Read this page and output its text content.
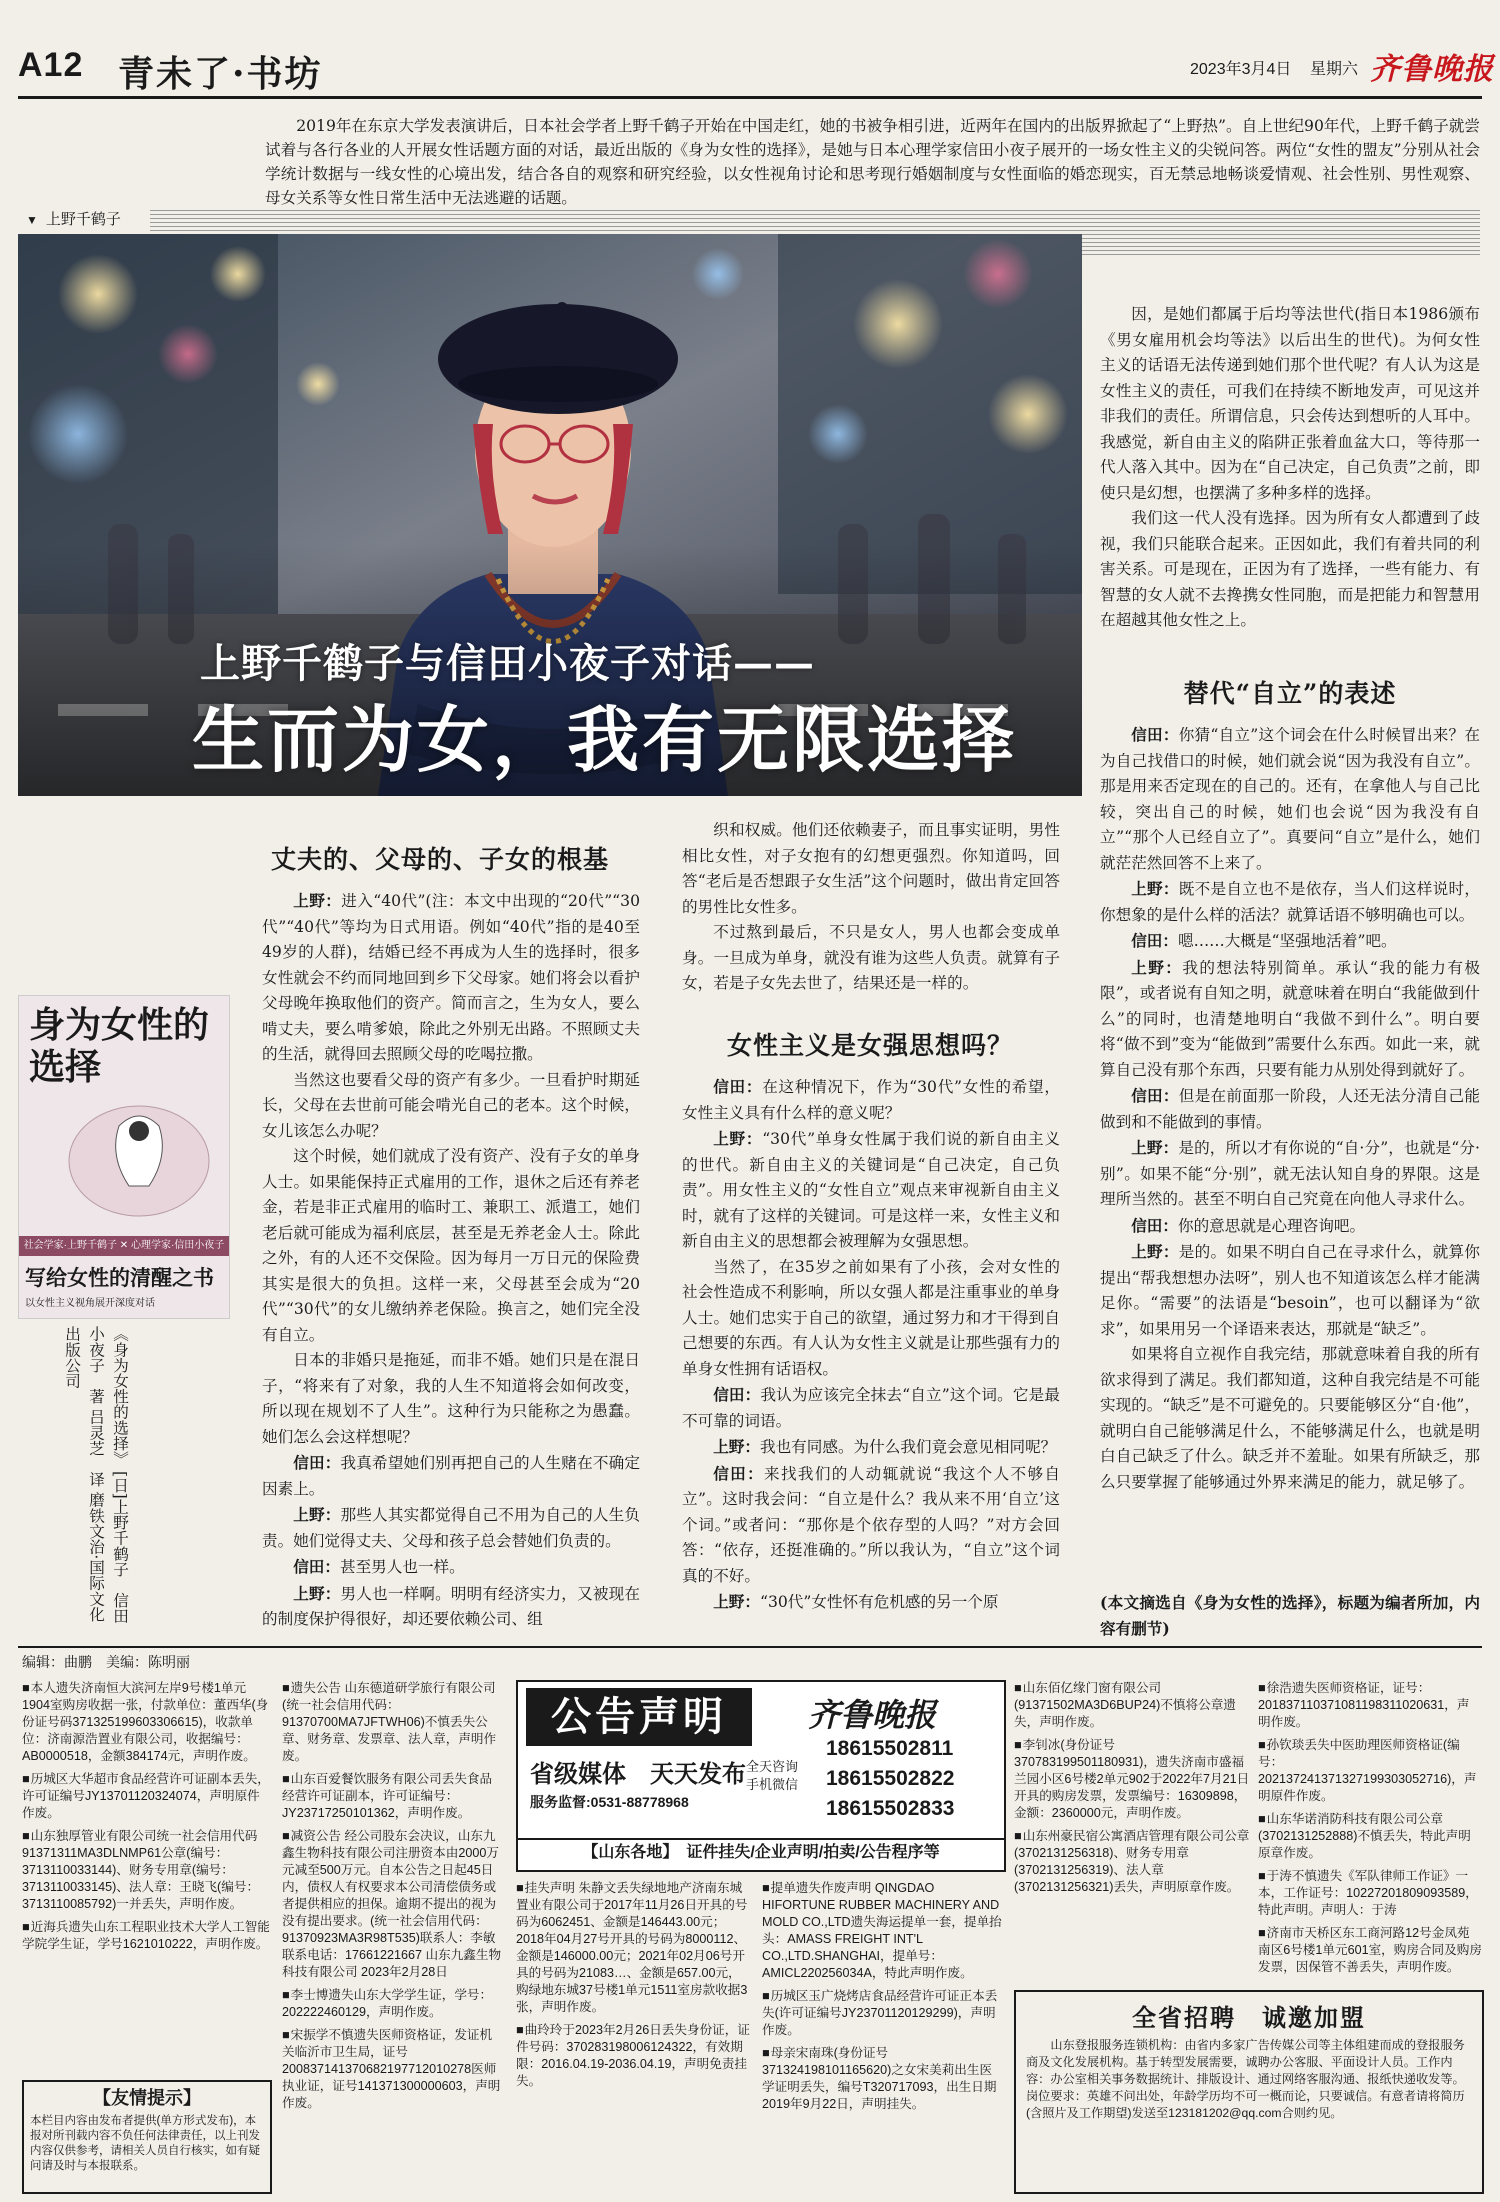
A12 青未了·书坊	2023年3月4日 星期六 齐鲁晚报
2019年在东京大学发表演讲后，日本社会学者上野千鹤子开始在中国走红，她的书被争相引进，近两年在国内的出版界掀起了“上野热”。自上世纪90年代，上野千鹤子就尝试着与各行各业的人开展女性话题方面的对话，最近出版的《身为女性的选择》，是她与日本心理学家信田小夜子展开的一场女性主义的尖锐问答。两位“女性的盟友”分别从社会学统计数据与一线女性的心境出发，结合各自的观察和研究经验，以女性视角讨论和思考现行婚姻制度与女性面临的婚恋现实，百无禁忌地畅谈爱情观、社会性别、男性观察、母女关系等女性日常生活中无法逃避的话题。
▼ 上野千鹤子
上野千鹤子与信田小夜子对话——
生而为女，我有无限选择
身为女性的
选择
社会学家·上野千鹤子 ✕ 心理学家·信田小夜子
写给女性的清醒之书
以女性主义视角展开深度对话
《身为女性的选择》 [日]上野千鹤子　信田小夜子　著 吕灵芝　译 磨铁文治·国际文化出版公司
丈夫的、父母的、子女的根基

上野：进入“40代”(注：本文中出现的“20代”“30代”“40代”等均为日式用语。例如“40代”指的是40至49岁的人群)，结婚已经不再成为人生的选择时，很多女性就会不约而同地回到乡下父母家。她们将会以看护父母晚年换取他们的资产。简而言之，生为女人，要么啃丈夫，要么啃爹娘，除此之外别无出路。不照顾丈夫的生活，就得回去照顾父母的吃喝拉撒。

当然这也要看父母的资产有多少。一旦看护时期延长，父母在去世前可能会啃光自己的老本。这个时候，女儿该怎么办呢？

这个时候，她们就成了没有资产、没有子女的单身人士。如果能保持正式雇用的工作，退休之后还有养老金，若是非正式雇用的临时工、兼职工、派遣工，她们老后就可能成为福利底层，甚至是无养老金人士。除此之外，有的人还不交保险。因为每月一万日元的保险费其实是很大的负担。这样一来，父母甚至会成为“20代”“30代”的女儿缴纳养老保险。换言之，她们完全没有自立。

日本的非婚只是拖延，而非不婚。她们只是在混日子，“将来有了对象，我的人生不知道将会如何改变，所以现在规划不了人生”。这种行为只能称之为愚蠢。她们怎么会这样想呢？

信田：我真希望她们别再把自己的人生赌在不确定因素上。

上野：那些人其实都觉得自己不用为自己的人生负责。她们觉得丈夫、父母和孩子总会替她们负责的。

信田：甚至男人也一样。

上野：男人也一样啊。明明有经济实力，又被现在的制度保护得很好，却还要依赖公司、组

织和权威。他们还依赖妻子，而且事实证明，男性相比女性，对子女抱有的幻想更强烈。你知道吗，回答“老后是否想跟子女生活”这个问题时，做出肯定回答的男性比女性多。

不过熬到最后，不只是女人，男人也都会变成单身。一旦成为单身，就没有谁为这些人负责。就算有子女，若是子女先去世了，结果还是一样的。

女性主义是女强思想吗？

信田：在这种情况下，作为“30代”女性的希望，女性主义具有什么样的意义呢？

上野：“30代”单身女性属于我们说的新自由主义的世代。新自由主义的关键词是“自己决定，自己负责”。用女性主义的“女性自立”观点来审视新自由主义时，就有了这样的关键词。可是这样一来，女性主义和新自由主义的思想都会被理解为女强思想。

当然了，在35岁之前如果有了小孩，会对女性的社会性造成不利影响，所以女强人都是注重事业的单身人士。她们忠实于自己的欲望，通过努力和才干得到自己想要的东西。有人认为女性主义就是让那些强有力的单身女性拥有话语权。

信田：我认为应该完全抹去“自立”这个词。它是最不可靠的词语。

上野：我也有同感。为什么我们竟会意见相同呢？

信田：来找我们的人动辄就说“我这个人不够自立”。这时我会问：“自立是什么？我从来不用‘自立’这个词。”或者问：“那你是个依存型的人吗？”对方会回答：“依存，还挺准确的。”所以我认为，“自立”这个词真的不好。

上野：“30代”女性怀有危机感的另一个原

因，是她们都属于后均等法世代(指日本1986颁布《男女雇用机会均等法》以后出生的世代)。为何女性主义的话语无法传递到她们那个世代呢？有人认为这是女性主义的责任，可我们在持续不断地发声，可见这并非我们的责任。所谓信息，只会传达到想听的人耳中。我感觉，新自由主义的陷阱正张着血盆大口，等待那一代人落入其中。因为在“自己决定，自己负责”之前，即使只是幻想，也摆满了多种多样的选择。

我们这一代人没有选择。因为所有女人都遭到了歧视，我们只能联合起来。正因如此，我们有着共同的利害关系。可是现在，正因为有了选择，一些有能力、有智慧的女人就不去搀携女性同胞，而是把能力和智慧用在超越其他女性之上。

替代“自立”的表述

信田：你猜“自立”这个词会在什么时候冒出来？在为自己找借口的时候，她们就会说“因为我没有自立”。那是用来否定现在的自己的。还有，在拿他人与自己比较，突出自己的时候，她们也会说“因为我没有自立”“那个人已经自立了”。真要问“自立”是什么，她们就茫茫然回答不上来了。

上野：既不是自立也不是依存，当人们这样说时，你想象的是什么样的活法？就算话语不够明确也可以。

信田：嗯……大概是“坚强地活着”吧。

上野：我的想法特别简单。承认“我的能力有极限”，或者说有自知之明，就意味着在明白“我能做到什么”的同时，也清楚地明白“我做不到什么”。明白要将“做不到”变为“能做到”需要什么东西。如此一来，就算自己没有那个东西，只要有能力从别处得到就好了。

信田：但是在前面那一阶段，人还无法分清自己能做到和不能做到的事情。

上野：是的，所以才有你说的“自·分”，也就是“分·别”。如果不能“分·别”，就无法认知自身的界限。这是理所当然的。甚至不明白自己究竟在向他人寻求什么。

信田：你的意思就是心理咨询吧。

上野：是的。如果不明白自己在寻求什么，就算你提出“帮我想想办法呀”，别人也不知道该怎么样才能满足你。“需要”的法语是“besoin”，也可以翻译为“欲求”，如果用另一个译语来表达，那就是“缺乏”。

如果将自立视作自我完结，那就意味着自我的所有欲求得到了满足。我们都知道，这种自我完结是不可能实现的。“缺乏”是不可避免的。只要能够区分“自·他”，就明白自己能够满足什么，不能够满足什么，也就是明白自己缺乏了什么。缺乏并不羞耻。如果有所缺乏，那么只要掌握了能够通过外界来满足的能力，就足够了。

(本文摘选自《身为女性的选择》，标题为编者所加，内容有删节)

编辑：曲鹏　美编：陈明丽

■ 本人遗失济南恒大滨河左岸9号楼1单元1904室购房收据一张，付款单位：董西华(身份证号码371325199603306615)，收款单位：济南源浩置业有限公司，收据编号：AB0000518，金额384174元，声明作废。

■ 历城区大华超市食品经营许可证副本丢失，许可证编号JY13701120324074，声明原件作废。

■ 山东独厚管业有限公司统一社会信用代码91371311MA3DLNMP61公章(编号：3713110033144)、财务专用章(编号：3713110033145)、法人章：王晓飞(编号：3713110085792)一并丢失，声明作废。

■ 近海兵遗失山东工程职业技术大学人工智能学院学生证，学号1621010222，声明作废。

【友情提示】
本栏目内容由发布者提供(单方形式发布)，本报对所刊载内容不负任何法律责任，以上刊发内容仅供参考，请相关人员自行核实，如有疑问请及时与本报联系。

■ 遗失公告 山东德道研学旅行有限公司(统一社会信用代码：91370700MA7JFTWH06)不慎丢失公章、财务章、发票章、法人章，声明作废。

■ 山东百爱餐饮服务有限公司丢失食品经营许可证副本，许可证编号：JY23717250101362，声明作废。

■ 减资公告 经公司股东会决议，山东九鑫生物科技有限公司注册资本由2000万元减至500万元。自本公告之日起45日内，债权人有权要求本公司清偿债务或者提供相应的担保。逾期不提出的视为没有提出要求。(统一社会信用代码：91370923MA3R98T535)联系人：李敏 联系电话：17661221667 山东九鑫生物科技有限公司 2023年2月28日

■ 李士博遗失山东大学学生证，学号：202222460129，声明作废。

■ 宋振学不慎遗失医师资格证，发证机关临沂市卫生局，证号200837141370682197712010278医师执业证，证号141371300000603，声明作废。

公告声明	齐鲁晚报
省级媒体　天天发布 全天咨询
手机微信
18615502811
18615502822
18615502833
服务监督:0531-88778968
【山东各地】　证件挂失/企业声明/拍卖/公告程序等

■ 挂失声明 朱静文丢失绿地地产济南东城置业有限公司于2017年11月26日开具的号码为6062451、金额是146443.00元；2018年04月27号开具的号码为8000112、金额是146000.00元；2021年02月06号开具的号码为21083…、金额是657.00元，购绿地东城37号楼1单元1511室房款收据3张，声明作废。

■ 曲玲玲于2023年2月26日丢失身份证，证件号码：370283198006124322，有效期限：2016.04.19-2036.04.19，声明免责挂失。

■ 提单遗失作废声明 QINGDAO HIFORTUNE RUBBER MACHINERY AND MOLD CO.,LTD遗失海运提单一套，提单抬头：AMASS FREIGHT INT'L CO.,LTD.SHANGHAI，提单号：AMICL220256034A，特此声明作废。

■ 历城区玉广烧烤店食品经营许可证正本丢失(许可证编号JY23701120129299)，声明作废。

■ 母亲宋南珠(身份证号371324198101165620)之女宋美莉出生医学证明丢失，编号T320717093，出生日期2019年9月22日，声明挂失。

■ 山东佰亿缘门窗有限公司(91371502MA3D6BUP24)不慎将公章遗失，声明作废。

■ 李钊冰(身份证号370783199501180931)，遗失济南市盛福兰园小区6号楼2单元902于2022年7月21日开具的购房发票，发票编号：16309898，金额：2360000元，声明作废。

■ 山东州豪民宿公寓酒店管理有限公司公章(3702131256318)、财务专用章(3702131256319)、法人章(3702131256321)丢失，声明原章作废。

■ 徐浩遗失医师资格证，证号：201837110371081198311020631，声明作废。

■ 孙钦琰丢失中医助理医师资格证(编号：202137241371327199303052716)，声明原件作废。

■ 山东华诺消防科技有限公司公章(3702131252888)不慎丢失，特此声明原章作废。

■ 于涛不慎遗失《军队律师工作证》一本，工作证号：10227201809093589，特此声明。声明人：于涛

■ 济南市天桥区东工商河路12号金凤苑南区6号楼1单元601室，购房合同及购房发票，因保管不善丢失，声明作废。

全省招聘　诚邀加盟
山东登报服务连锁机构：由省内多家广告传媒公司等主体组建而成的登报服务商及文化发展机构。基于转型发展需要，诚聘办公客服、平面设计人员。工作内容：办公室相关事务数据统计、排版设计、通过网络客服沟通、报纸快递收发等。岗位要求：英雄不问出处，年龄学历均不可一概而论，只要诚信。有意者请将简历(含照片及工作期望)发送至123181202@qq.com合则约见。
